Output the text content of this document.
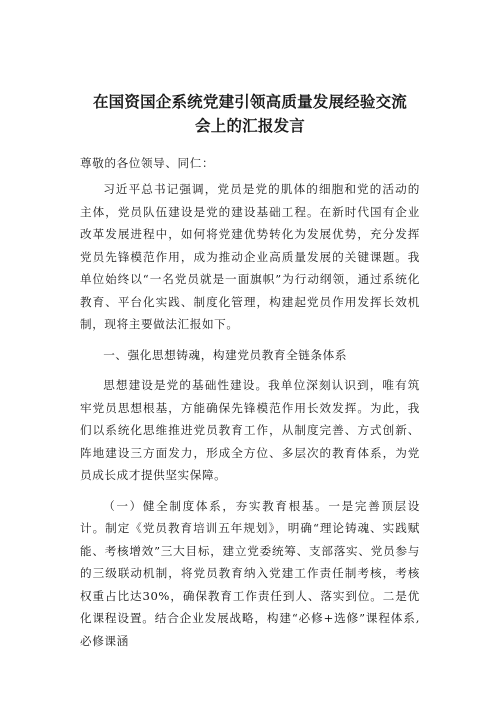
在国资国企系统党建引领高质量发展经验交流
会上的汇报发言

尊敬的各位领导、同仁：

习近平总书记强调，党员是党的肌体的细胞和党的活动的主体，党员队伍建设是党的建设基础工程。在新时代国有企业改革发展进程中，如何将党建优势转化为发展优势，充分发挥党员先锋模范作用，成为推动企业高质量发展的关键课题。我单位始终以“一名党员就是一面旗帜”为行动纲领，通过系统化教育、平台化实践、制度化管理，构建起党员作用发挥长效机制，现将主要做法汇报如下。

一、强化思想铸魂，构建党员教育全链条体系

思想建设是党的基础性建设。我单位深刻认识到，唯有筑牢党员思想根基，方能确保先锋模范作用长效发挥。为此，我们以系统化思维推进党员教育工作，从制度完善、方式创新、阵地建设三方面发力，形成全方位、多层次的教育体系，为党员成长成才提供坚实保障。

（一）健全制度体系，夯实教育根基。一是完善顶层设计。制定《党员教育培训五年规划》，明确“理论铸魂、实践赋能、考核增效”三大目标，建立党委统筹、支部落实、党员参与的三级联动机制，将党员教育纳入党建工作责任制考核，考核权重占比达30%，确保教育工作责任到人、落实到位。二是优化课程设置。结合企业发展战略，构建“必修+选修”课程体系,必修课涵
